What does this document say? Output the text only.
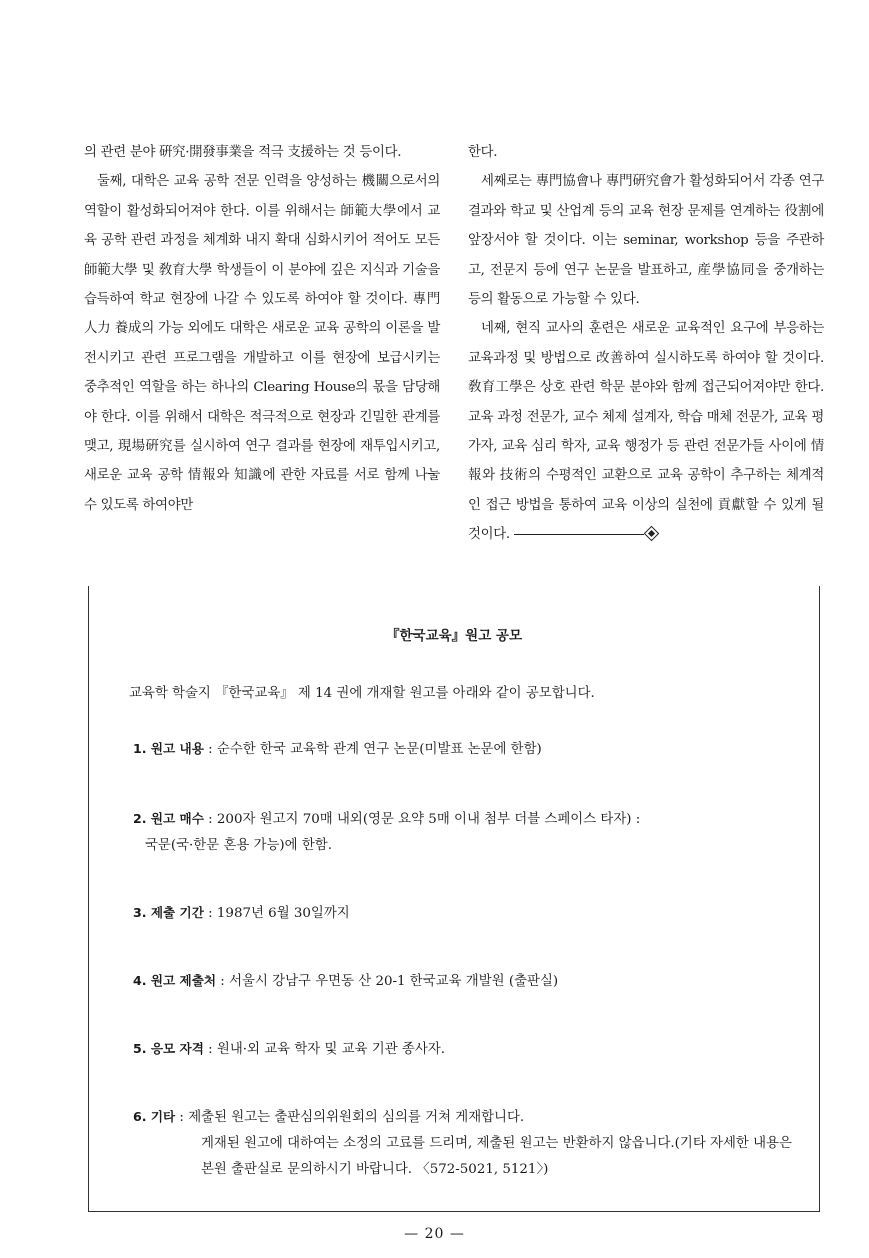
의 관련 분야 硏究·開發事業을 적극 支援하는 것 등이다.

둘째, 대학은 교육 공학 전문 인력을 양성하는 機關으로서의 역할이 활성화되어져야 한다. 이를 위해서는 師範大學에서 교육 공학 관련 과정을 체계화 내지 확대 심화시키어 적어도 모든 師範大學 및 敎育大學 학생들이 이 분야에 깊은 지식과 기술을 습득하여 학교 현장에 나갈 수 있도록 하여야 할 것이다. 專門人力 養成의 가능 외에도 대학은 새로운 교육 공학의 이론을 발전시키고 관련 프로그램을 개발하고 이를 현장에 보급시키는 중추적인 역할을 하는 하나의 Clearing House의 몫을 담당해야 한다. 이를 위해서 대학은 적극적으로 현장과 긴밀한 관계를 맺고, 現場硏究를 실시하여 연구 결과를 현장에 재투입시키고, 새로운 교육 공학 情報와 知識에 관한 자료를 서로 함께 나눌 수 있도록 하여야만

한다.

세째로는 專門協會나 專門硏究會가 활성화되어서 각종 연구 결과와 학교 및 산업계 등의 교육 현장 문제를 연계하는 役割에 앞장서야 할 것이다. 이는 seminar, workshop 등을 주관하고, 전문지 등에 연구 논문을 발표하고, 産學協同을 중개하는 등의 활동으로 가능할 수 있다.

네째, 현직 교사의 훈련은 새로운 교육적인 요구에 부응하는 교육과정 및 방법으로 改善하여 실시하도록 하여야 할 것이다. 敎育工學은 상호 관련 학문 분야와 함께 접근되어져야만 한다. 교육 과정 전문가, 교수 체제 설계자, 학습 매체 전문가, 교육 평가자, 교육 심리 학자, 교육 행정가 등 관련 전문가들 사이에 情報와 技術의 수평적인 교환으로 교육 공학이 추구하는 체계적인 접근 방법을 통하여 교육 이상의 실천에 貢獻할 수 있게 될 것이다.

『한국교육』원고 공모
교육학 학술지 『한국교육』 제 14 권에 개재할 원고를 아래와 같이 공모합니다.
1. 원고 내용 : 순수한 한국 교육학 관계 연구 논문(미발표 논문에 한함)
2. 원고 매수 : 200자 원고지 70매 내외(영문 요약 5매 이내 첨부 더블 스페이스 타자) :
국문(국·한문 혼용 가능)에 한함.
3. 제출 기간 : 1987년 6월 30일까지
4. 원고 제출처 : 서울시 강남구 우면동 산 20-1 한국교육 개발원 (출판실)
5. 응모 자격 : 원내·외 교육 학자 및 교육 기관 종사자.
6. 기타 : 제출된 원고는 출판심의위원회의 심의를 거쳐 게재합니다.
게재된 원고에 대하여는 소정의 고료를 드리며, 제출된 원고는 반환하지 않읍니다.(기타 자세한 내용은 본원 출판실로 문의하시기 바랍니다. 〈572-5021, 5121〉)
— 20 —
